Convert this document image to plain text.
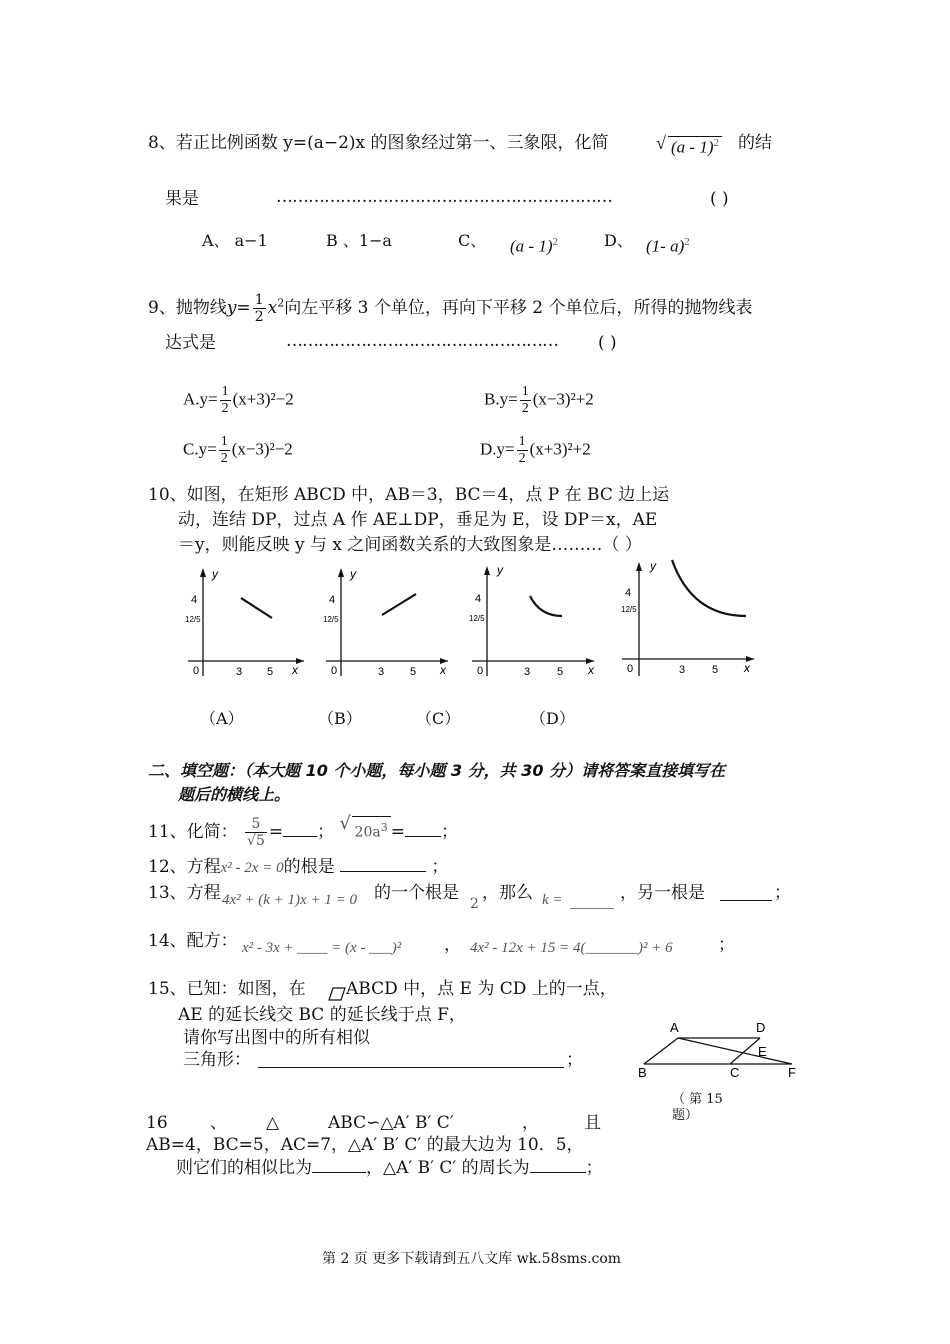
8、若正比例函数 y=(a−2)x 的图象经过第一、三象限，化简	√ (a - 1)$^2$ 的结
果是	………………………………………………………	( )
A、 a−1	B 、1−a	C、 (a - 1)$^2$	D、 (1- a)$^2$
9、抛物线$y= \frac{1}{2} x^2$向左平移 3 个单位，再向下平移 2 个单位后，所得的抛物线表
达式是	…………………………………………… ( )
$A.y= \frac{1}{2} (x+3)^2-2$	$B.y= \frac{1}{2} (x-3)^2+2$
$C.y= \frac{1}{2} (x-3)^2-2$	$D.y= \frac{1}{2} (x+3)^2+2$
10、如图，在矩形 ABCD 中，AB＝3，BC＝4，点 P 在 BC 边上运
动，连结 DP，过点 A 作 AE⊥DP，垂足为 E，设 DP＝x，AE
＝y，则能反映 y 与 x 之间函数关系的大致图象是………（ ）
y
x
4
12/5
0	3 5
y
x
4
12/5
0	3 5
y
x
4
12/5
0	3 5
y
x
4
12/5
0	3 5
（A）	（B）	（C）	（D）
二、填空题：（本大题 10 个小题，每小题 3 分，共 30 分）请将答案直接填写在
题后的横线上。
11、化简： $\frac{5}{√5}$ = ； √ $20a^3$ = ；
12、方程x² - 2x = 0的根是	；
13、方程 4x² + (k + 1)x + 1 = 0 的一个根是
2
，那么 k =	，另一根是	；
14、配方： x² - 3x + ____ = (x - ___)²	， 4x² - 12x + 15 = 4(_______)² + 6	；
15、已知：如图，在 ABCD 中，点 E 为 CD 上的一点，
AE 的延长线交 BC 的延长线于点 F，
请你写出图中的所有相似
三角形：	；
A	D
E
B	C	F
（ 第 15
题）
16 、 △	ABC∽△A′ B′ C′	，	且
AB=4，BC=5，AC=7，△A′ B′ C′ 的最大边为 10．5，
则它们的相似比为	，△A′ B′ C′ 的周长为	；
第 2 页 更多下载请到五八文库 wk.58sms.com
